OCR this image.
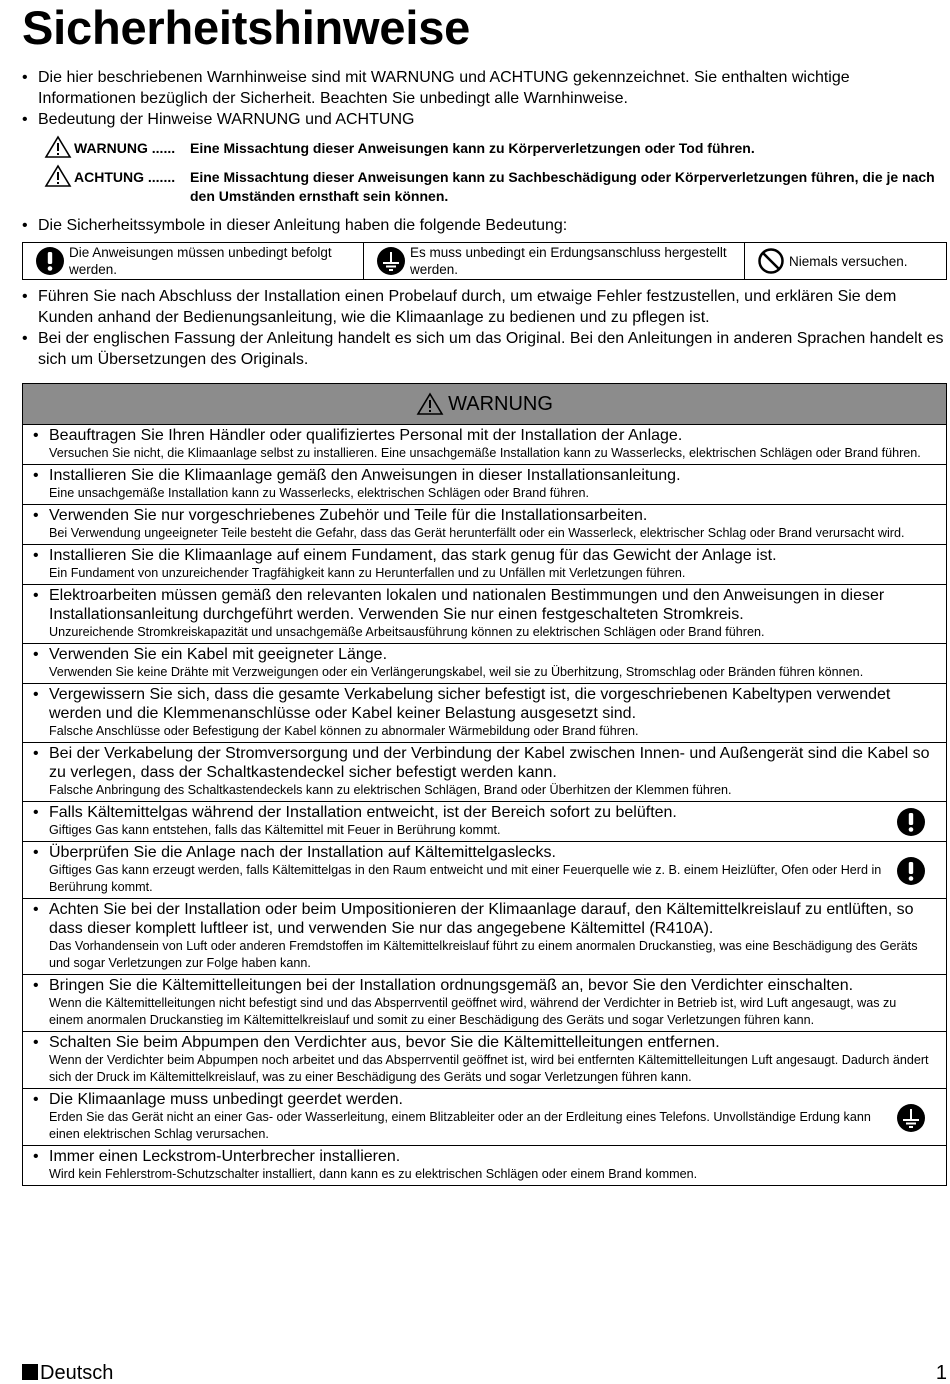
Sicherheitshinweise
• Die hier beschriebenen Warnhinweise sind mit WARNUNG und ACHTUNG gekennzeichnet. Sie enthalten wichtige Informationen bezüglich der Sicherheit. Beachten Sie unbedingt alle Warnhinweise.
• Bedeutung der Hinweise WARNUNG und ACHTUNG
WARNUNG ......	Eine Missachtung dieser Anweisungen kann zu Körperverletzungen oder Tod führen.
ACHTUNG .......	Eine Missachtung dieser Anweisungen kann zu Sachbeschädigung oder Körperverletzungen führen, die je nach den Umständen ernsthaft sein können.
• Die Sicherheitssymbole in dieser Anleitung haben die folgende Bedeutung:
Die Anweisungen müssen unbedingt befolgt werden.
Es muss unbedingt ein Erdungsanschluss hergestellt werden.
Niemals versuchen.
• Führen Sie nach Abschluss der Installation einen Probelauf durch, um etwaige Fehler festzustellen, und erklären Sie dem Kunden anhand der Bedienungsanleitung, wie die Klimaanlage zu bedienen und zu pflegen ist.
• Bei der englischen Fassung der Anleitung handelt es sich um das Original. Bei den Anleitungen in anderen Sprachen handelt es sich um Übersetzungen des Originals.
WARNUNG
• Beauftragen Sie Ihren Händler oder qualifiziertes Personal mit der Installation der Anlage.
Versuchen Sie nicht, die Klimaanlage selbst zu installieren. Eine unsachgemäße Installation kann zu Wasserlecks, elektrischen Schlägen oder Brand führen.
• Installieren Sie die Klimaanlage gemäß den Anweisungen in dieser Installationsanleitung.
Eine unsachgemäße Installation kann zu Wasserlecks, elektrischen Schlägen oder Brand führen.
• Verwenden Sie nur vorgeschriebenes Zubehör und Teile für die Installationsarbeiten.
Bei Verwendung ungeeigneter Teile besteht die Gefahr, dass das Gerät herunterfällt oder ein Wasserleck, elektrischer Schlag oder Brand verursacht wird.
• Installieren Sie die Klimaanlage auf einem Fundament, das stark genug für das Gewicht der Anlage ist.
Ein Fundament von unzureichender Tragfähigkeit kann zu Herunterfallen und zu Unfällen mit Verletzungen führen.
• Elektroarbeiten müssen gemäß den relevanten lokalen und nationalen Bestimmungen und den Anweisungen in dieser Installationsanleitung durchgeführt werden. Verwenden Sie nur einen festgeschalteten Stromkreis.
Unzureichende Stromkreiskapazität und unsachgemäße Arbeitsausführung können zu elektrischen Schlägen oder Brand führen.
• Verwenden Sie ein Kabel mit geeigneter Länge.
Verwenden Sie keine Drähte mit Verzweigungen oder ein Verlängerungskabel, weil sie zu Überhitzung, Stromschlag oder Bränden führen können.
• Vergewissern Sie sich, dass die gesamte Verkabelung sicher befestigt ist, die vorgeschriebenen Kabeltypen verwendet werden und die Klemmenanschlüsse oder Kabel keiner Belastung ausgesetzt sind.
Falsche Anschlüsse oder Befestigung der Kabel können zu abnormaler Wärmebildung oder Brand führen.
• Bei der Verkabelung der Stromversorgung und der Verbindung der Kabel zwischen Innen- und Außengerät sind die Kabel so zu verlegen, dass der Schaltkastendeckel sicher befestigt werden kann.
Falsche Anbringung des Schaltkastendeckels kann zu elektrischen Schlägen, Brand oder Überhitzen der Klemmen führen.
• Falls Kältemittelgas während der Installation entweicht, ist der Bereich sofort zu belüften.
Giftiges Gas kann entstehen, falls das Kältemittel mit Feuer in Berührung kommt.
• Überprüfen Sie die Anlage nach der Installation auf Kältemittelgaslecks.
Giftiges Gas kann erzeugt werden, falls Kältemittelgas in den Raum entweicht und mit einer Feuerquelle wie z. B. einem Heizlüfter, Ofen oder Herd in Berührung kommt.
• Achten Sie bei der Installation oder beim Umpositionieren der Klimaanlage darauf, den Kältemittelkreislauf zu entlüften, so dass dieser komplett luftleer ist, und verwenden Sie nur das angegebene Kältemittel (R410A).
Das Vorhandensein von Luft oder anderen Fremdstoffen im Kältemittelkreislauf führt zu einem anormalen Druckanstieg, was eine Beschädigung des Geräts und sogar Verletzungen zur Folge haben kann.
• Bringen Sie die Kältemittelleitungen bei der Installation ordnungsgemäß an, bevor Sie den Verdichter einschalten.
Wenn die Kältemittelleitungen nicht befestigt sind und das Absperrventil geöffnet wird, während der Verdichter in Betrieb ist, wird Luft angesaugt, was zu einem anormalen Druckanstieg im Kältemittelkreislauf und somit zu einer Beschädigung des Geräts und sogar Verletzungen führen kann.
• Schalten Sie beim Abpumpen den Verdichter aus, bevor Sie die Kältemittelleitungen entfernen.
Wenn der Verdichter beim Abpumpen noch arbeitet und das Absperrventil geöffnet ist, wird bei entfernten Kältemittelleitungen Luft angesaugt. Dadurch ändert sich der Druck im Kältemittelkreislauf, was zu einer Beschädigung des Geräts und sogar Verletzungen führen kann.
• Die Klimaanlage muss unbedingt geerdet werden.
Erden Sie das Gerät nicht an einer Gas- oder Wasserleitung, einem Blitzableiter oder an der Erdleitung eines Telefons. Unvollständige Erdung kann einen elektrischen Schlag verursachen.
• Immer einen Leckstrom-Unterbrecher installieren.
Wird kein Fehlerstrom-Schutzschalter installiert, dann kann es zu elektrischen Schlägen oder einem Brand kommen.
Deutsch	1
